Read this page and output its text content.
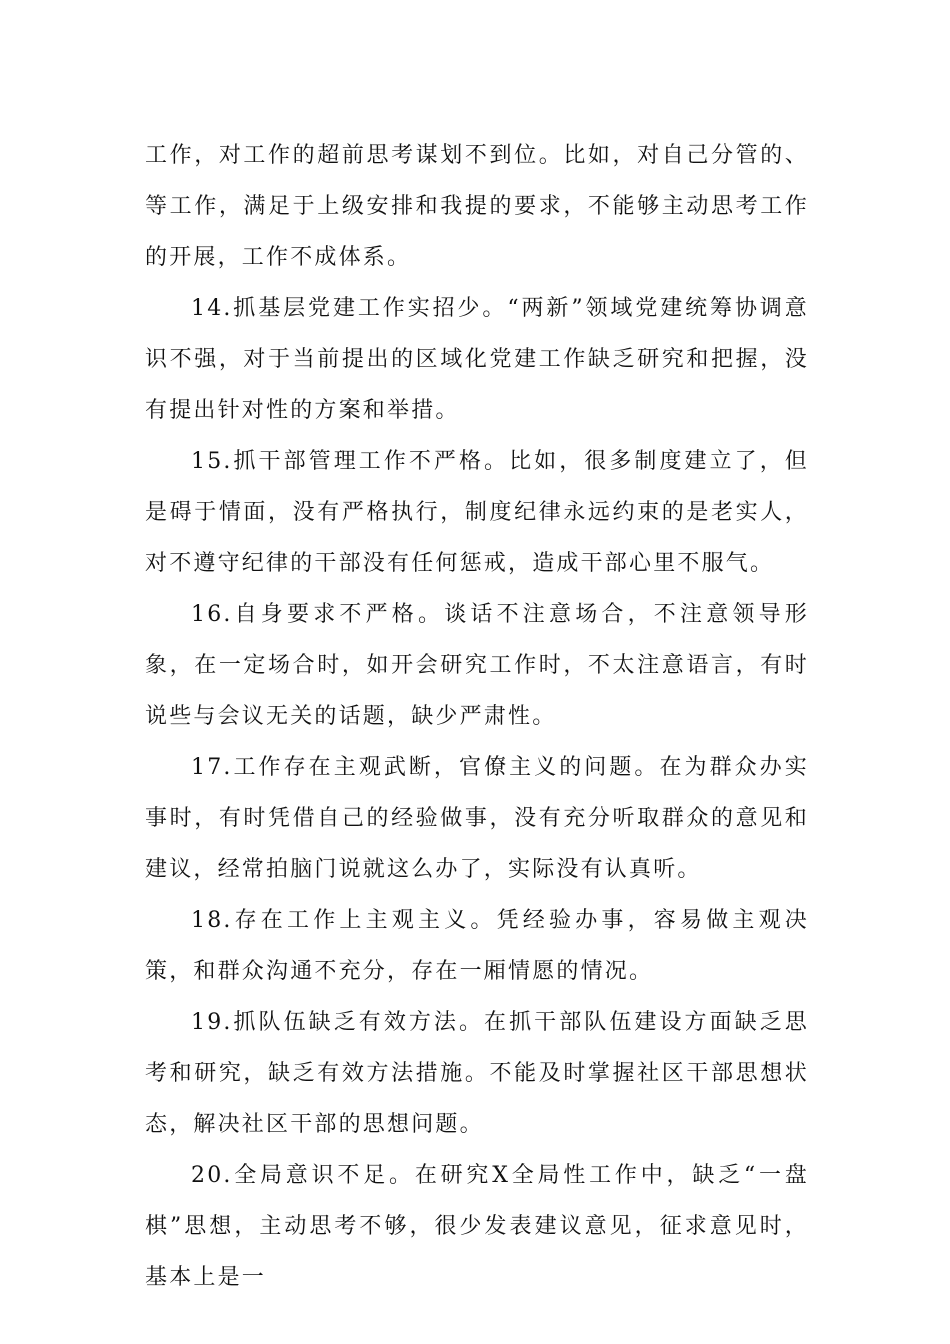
工作，对工作的超前思考谋划不到位。比如，对自己分管的、等工作，满足于上级安排和我提的要求，不能够主动思考工作的开展，工作不成体系。

14.抓基层党建工作实招少。“两新”领域党建统筹协调意识不强，对于当前提出的区域化党建工作缺乏研究和把握，没有提出针对性的方案和举措。

15.抓干部管理工作不严格。比如，很多制度建立了，但是碍于情面，没有严格执行，制度纪律永远约束的是老实人，对不遵守纪律的干部没有任何惩戒，造成干部心里不服气。

16.自身要求不严格。谈话不注意场合，不注意领导形象，在一定场合时，如开会研究工作时，不太注意语言，有时说些与会议无关的话题，缺少严肃性。

17.工作存在主观武断，官僚主义的问题。在为群众办实事时，有时凭借自己的经验做事，没有充分听取群众的意见和建议，经常拍脑门说就这么办了，实际没有认真听。

18.存在工作上主观主义。凭经验办事，容易做主观决策，和群众沟通不充分，存在一厢情愿的情况。

19.抓队伍缺乏有效方法。在抓干部队伍建设方面缺乏思考和研究，缺乏有效方法措施。不能及时掌握社区干部思想状态，解决社区干部的思想问题。

20.全局意识不足。在研究X全局性工作中，缺乏“一盘棋”思想，主动思考不够，很少发表建议意见，征求意见时，基本上是一
